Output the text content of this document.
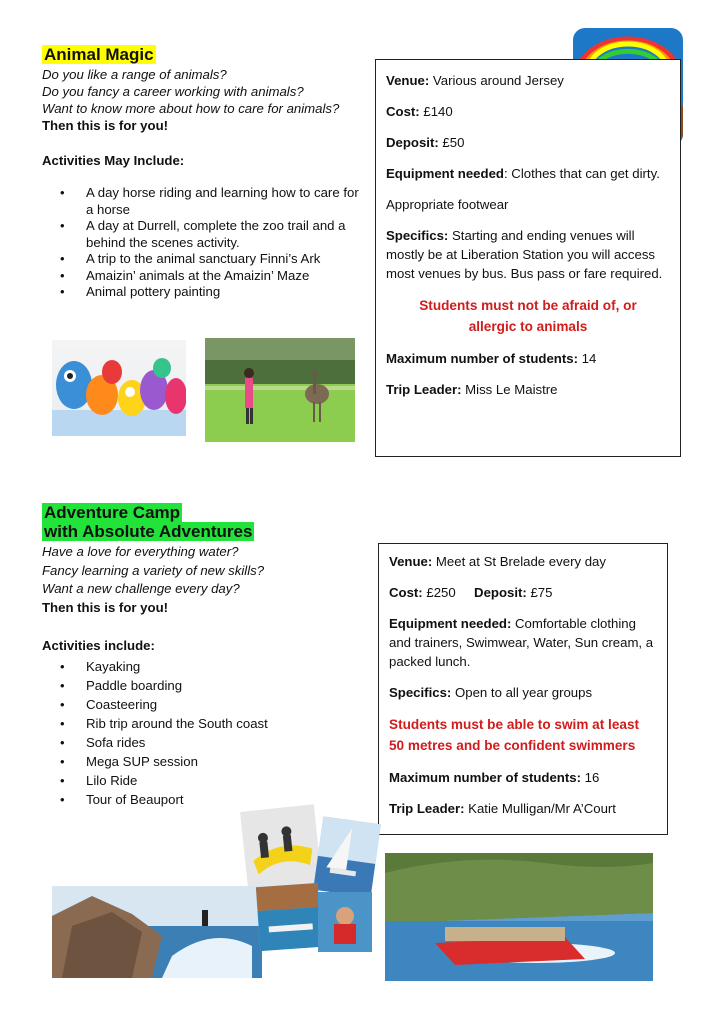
Animal Magic
Do you like a range of animals?
Do you fancy a career working with animals?
Want to know more about how to care for animals?
Then this is for you!
Activities May Include:
• A day horse riding and learning how to care for a horse
• A day at Durrell, complete the zoo trail and a behind the scenes activity.
• A trip to the animal sanctuary Finni’s Ark
• Amaizin’ animals at the Amaizin’ Maze
• Animal pottery painting

Venue: Various around Jersey

Cost: £140

Deposit: £50

Equipment needed: Clothes that can get dirty.

Appropriate footwear

Specifics: Starting and ending venues will mostly be at Liberation Station you will access most venues by bus. Bus pass or fare required.

Students must not be afraid of, or allergic to animals

Maximum number of students: 14

Trip Leader: Miss Le Maistre

Adventure Camp
with Absolute Adventures
Have a love for everything water?
Fancy learning a variety of new skills?
Want a new challenge every day?
Then this is for you!
Activities include:
• Kayaking
• Paddle boarding
• Coasteering
• Rib trip around the South coast
• Sofa rides
• Mega SUP session
• Lilo Ride
• Tour of Beauport

Venue: Meet at St Brelade every day

Cost: £250 Deposit: £75

Equipment needed: Comfortable clothing and trainers, Swimwear, Water, Sun cream, a packed lunch.

Specifics: Open to all year groups

Students must be able to swim at least 50 metres and be confident swimmers

Maximum number of students: 16

Trip Leader: Katie Mulligan/Mr A’Court
